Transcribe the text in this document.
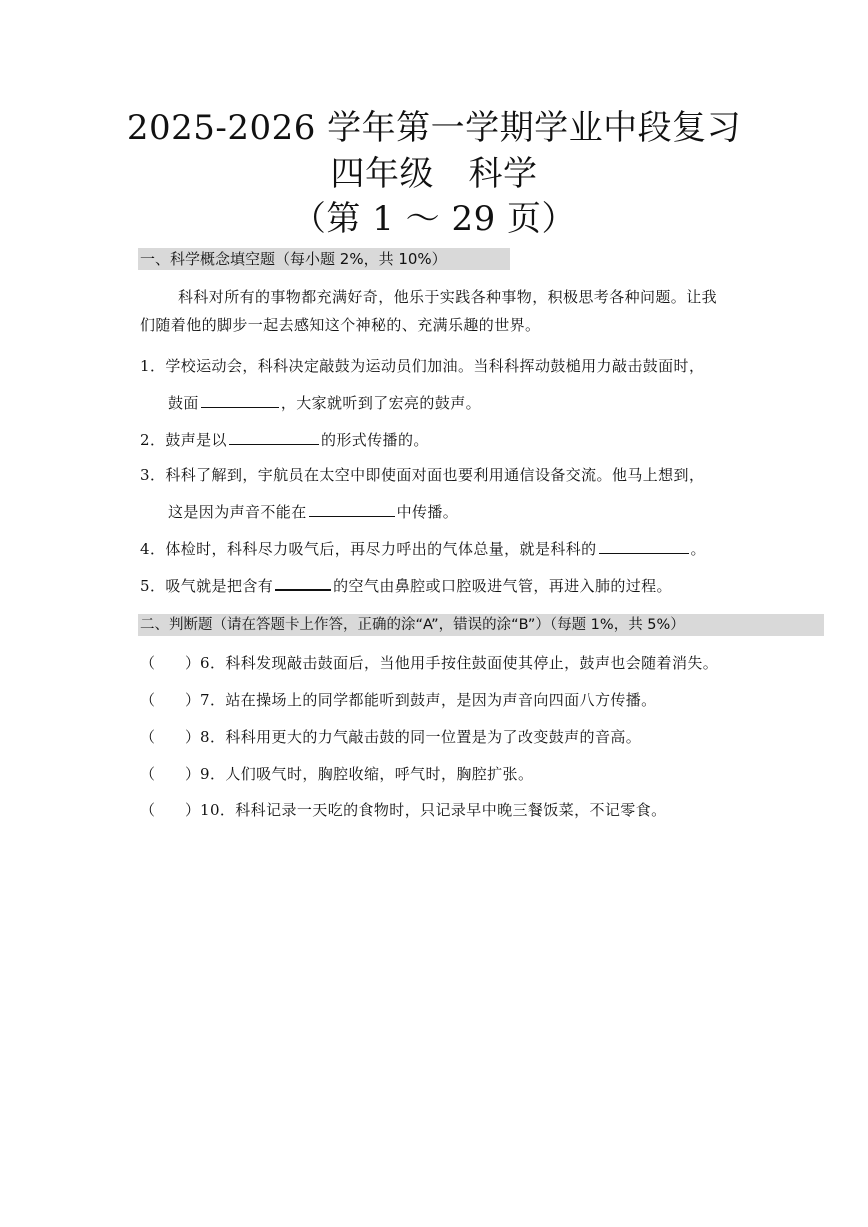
2025-2026 学年第一学期学业中段复习
四年级　科学
（第 1 ～ 29 页）
一、科学概念填空题（每小题 2%，共 10%）
科科对所有的事物都充满好奇，他乐于实践各种事物，积极思考各种问题。让我
们随着他的脚步一起去感知这个神秘的、充满乐趣的世界。
1．学校运动会，科科决定敲鼓为运动员们加油。当科科挥动鼓槌用力敲击鼓面时，
鼓面	，大家就听到了宏亮的鼓声。
2．鼓声是以	的形式传播的。
3．科科了解到，宇航员在太空中即使面对面也要利用通信设备交流。他马上想到，
这是因为声音不能在	中传播。
4．体检时，科科尽力吸气后，再尽力呼出的气体总量，就是科科的	。
5．吸气就是把含有	的空气由鼻腔或口腔吸进气管，再进入肺的过程。
二、判断题（请在答题卡上作答，正确的涂“A”，错误的涂“B”）（每题 1%，共 5%）
（　　） 6．科科发现敲击鼓面后，当他用手按住鼓面使其停止，鼓声也会随着消失。
（　　） 7．站在操场上的同学都能听到鼓声，是因为声音向四面八方传播。
（　　） 8．科科用更大的力气敲击鼓的同一位置是为了改变鼓声的音高。
（　　） 9．人们吸气时，胸腔收缩，呼气时，胸腔扩张。
（　　） 10．科科记录一天吃的食物时，只记录早中晚三餐饭菜，不记零食。
